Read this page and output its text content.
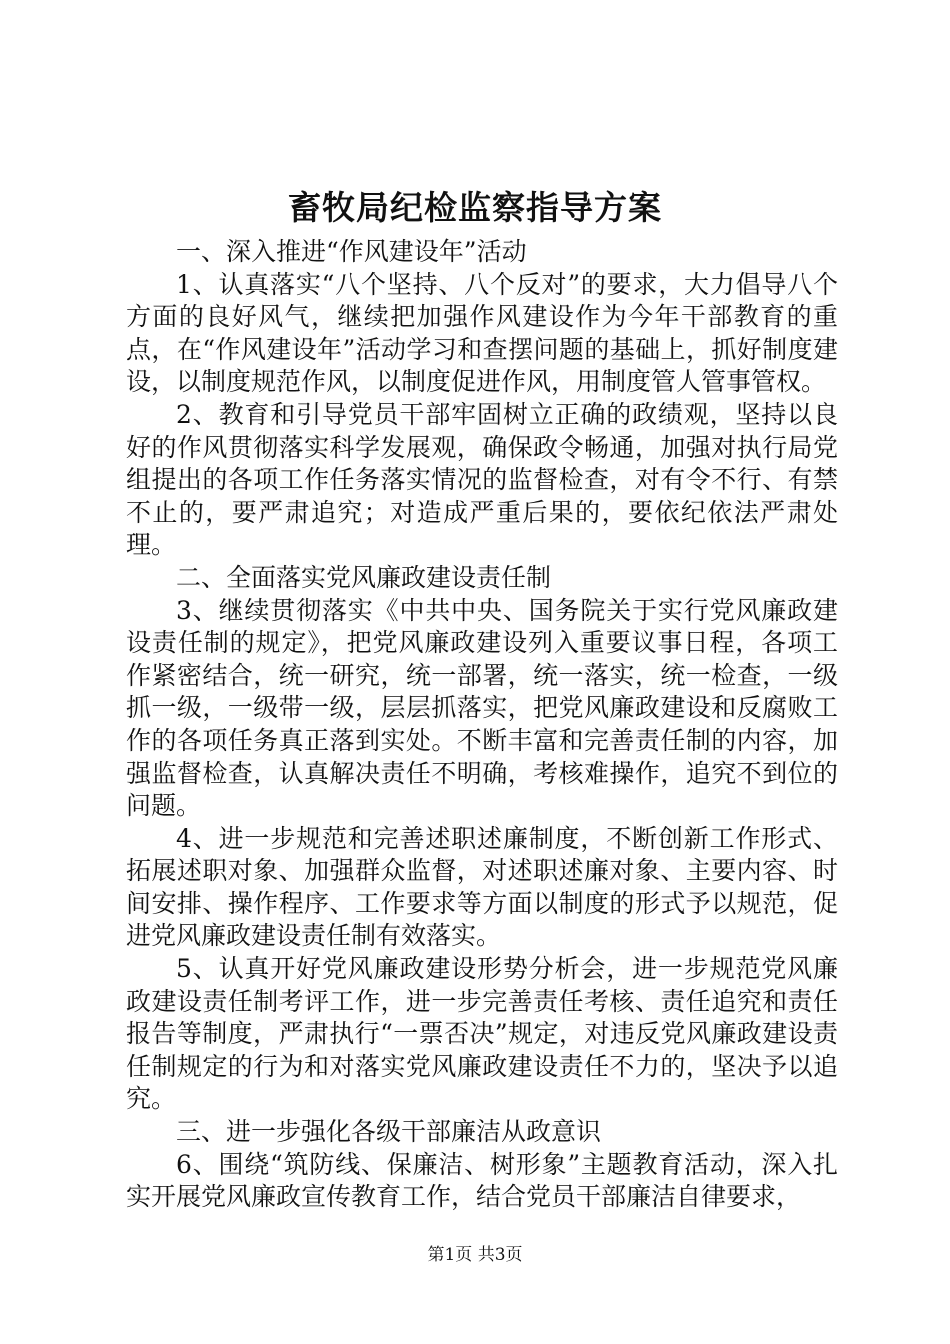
畜牧局纪检监察指导方案

一、深入推进“作风建设年”活动

1、认真落实“八个坚持、八个反对”的要求，大力倡导八个方面的良好风气，继续把加强作风建设作为今年干部教育的重点，在“作风建设年”活动学习和查摆问题的基础上，抓好制度建设，以制度规范作风，以制度促进作风，用制度管人管事管权。

2、教育和引导党员干部牢固树立正确的政绩观，坚持以良好的作风贯彻落实科学发展观，确保政令畅通，加强对执行局党组提出的各项工作任务落实情况的监督检查，对有令不行、有禁不止的，要严肃追究；对造成严重后果的，要依纪依法严肃处理。

二、全面落实党风廉政建设责任制

3、继续贯彻落实《中共中央、国务院关于实行党风廉政建设责任制的规定》，把党风廉政建设列入重要议事日程，各项工作紧密结合，统一研究，统一部署，统一落实，统一检查，一级抓一级，一级带一级，层层抓落实，把党风廉政建设和反腐败工作的各项任务真正落到实处。不断丰富和完善责任制的内容，加强监督检查，认真解决责任不明确，考核难操作，追究不到位的问题。

4、进一步规范和完善述职述廉制度，不断创新工作形式、拓展述职对象、加强群众监督，对述职述廉对象、主要内容、时间安排、操作程序、工作要求等方面以制度的形式予以规范，促进党风廉政建设责任制有效落实。

5、认真开好党风廉政建设形势分析会，进一步规范党风廉政建设责任制考评工作，进一步完善责任考核、责任追究和责任报告等制度，严肃执行“一票否决”规定，对违反党风廉政建设责任制规定的行为和对落实党风廉政建设责任不力的，坚决予以追究。

三、进一步强化各级干部廉洁从政意识

6、围绕“筑防线、保廉洁、树形象”主题教育活动，深入扎实开展党风廉政宣传教育工作，结合党员干部廉洁自律要求，

第1页 共3页
